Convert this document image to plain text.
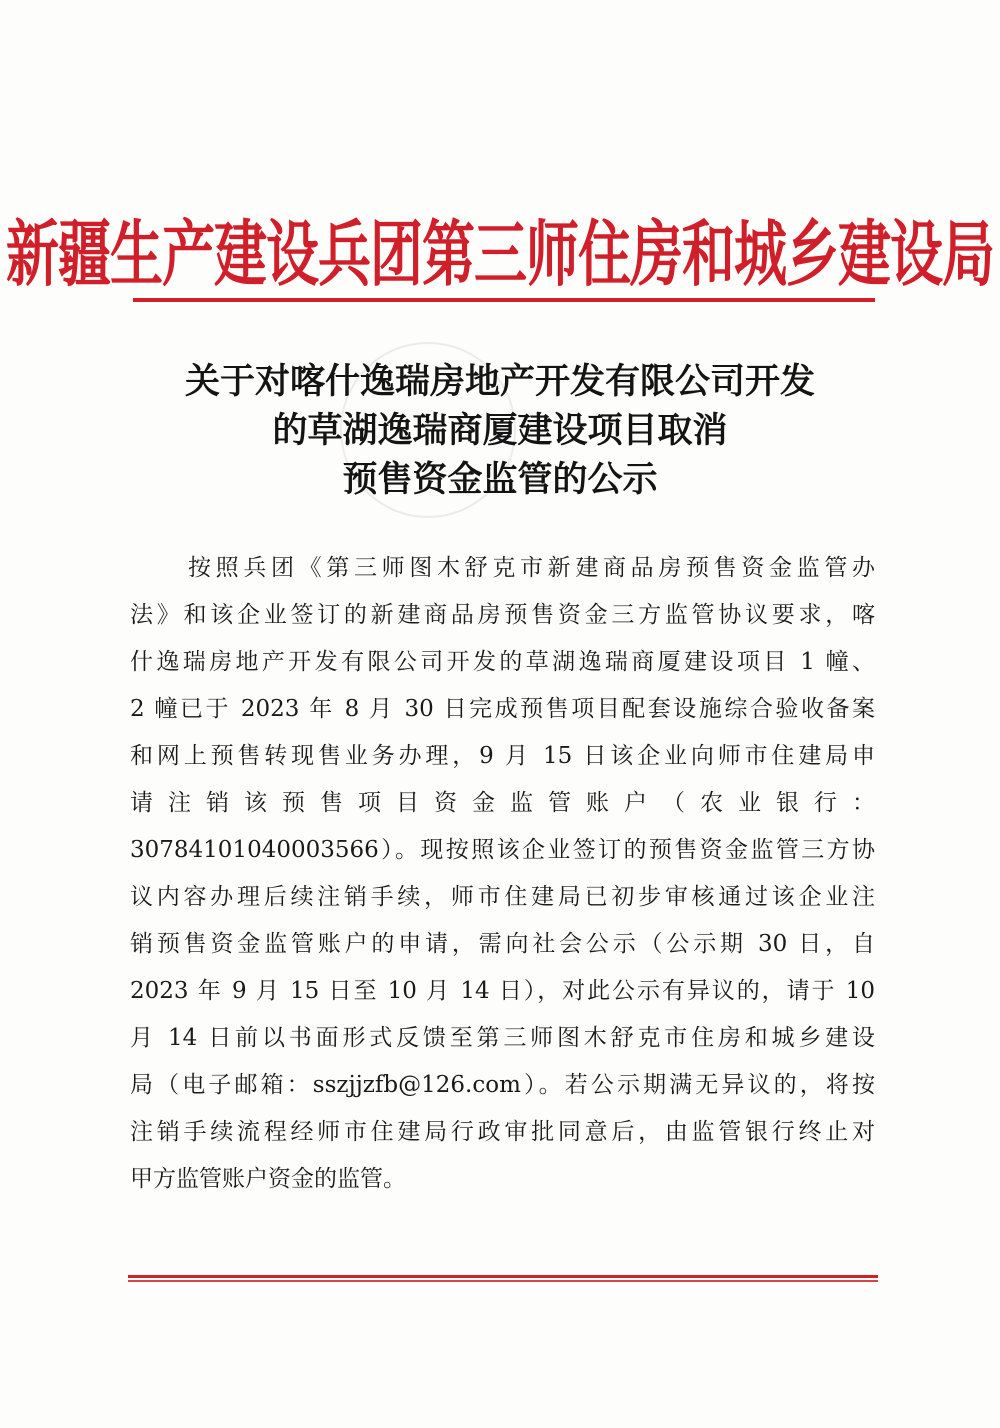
新疆生产建设兵团第三师住房和城乡建设局
关于对喀什逸瑞房地产开发有限公司开发
的草湖逸瑞商厦建设项目取消
预售资金监管的公示
按照兵团《第三师图木舒克市新建商品房预售资金监管办
法》和该企业签订的新建商品房预售资金三方监管协议要求，喀
什逸瑞房地产开发有限公司开发的草湖逸瑞商厦建设项目 1 幢、
2 幢已于 2023 年 8 月 30 日完成预售项目配套设施综合验收备案
和网上预售转现售业务办理，9 月 15 日该企业向师市住建局申
请 注 销 该 预 售 项 目 资 金 监 管 账 户 （ 农 业 银 行 ：
30784101040003566）。现按照该企业签订的预售资金监管三方协
议内容办理后续注销手续，师市住建局已初步审核通过该企业注
销预售资金监管账户的申请，需向社会公示（公示期 30 日，自
2023 年 9 月 15 日至 10 月 14 日），对此公示有异议的，请于 10
月 14 日前以书面形式反馈至第三师图木舒克市住房和城乡建设
局（电子邮箱：sszjjzfb@126.com）。若公示期满无异议的，将按
注销手续流程经师市住建局行政审批同意后，由监管银行终止对
甲方监管账户资金的监管。
